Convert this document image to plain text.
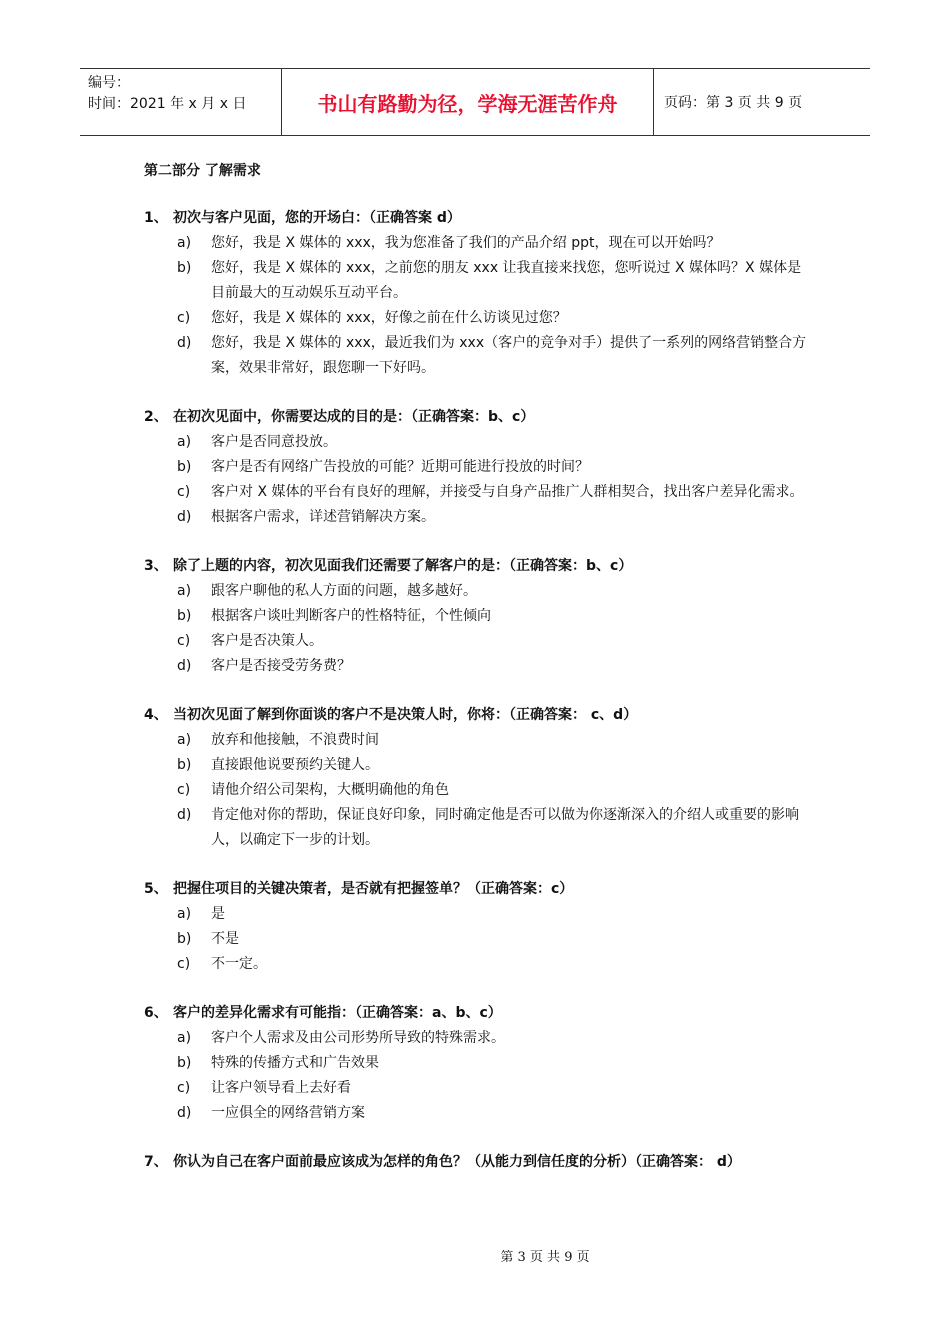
编号：
时间：2021 年 x 月 x 日	书山有路勤为径，学海无涯苦作舟	页码：第 3 页 共 9 页
第二部分 了解需求
1、 初次与客户见面，您的开场白：（正确答案 d）
a)	您好，我是 X 媒体的 xxx，我为您准备了我们的产品介绍 ppt，现在可以开始吗？
b)	您好，我是 X 媒体的 xxx，之前您的朋友 xxx 让我直接来找您，您听说过 X 媒体吗？X 媒体是目前最大的互动娱乐互动平台。
c)	您好，我是 X 媒体的 xxx，好像之前在什么访谈见过您？
d)	您好，我是 X 媒体的 xxx，最近我们为 xxx（客户的竞争对手）提供了一系列的网络营销整合方案，效果非常好，跟您聊一下好吗。
2、 在初次见面中，你需要达成的目的是：（正确答案：b、c）
a)	客户是否同意投放。
b)	客户是否有网络广告投放的可能？近期可能进行投放的时间？
c)	客户对 X 媒体的平台有良好的理解，并接受与自身产品推广人群相契合，找出客户差异化需求。
d)	根据客户需求，详述营销解决方案。
3、 除了上题的内容，初次见面我们还需要了解客户的是：（正确答案：b、c）
a)	跟客户聊他的私人方面的问题，越多越好。
b)	根据客户谈吐判断客户的性格特征，个性倾向
c)	客户是否决策人。
d)	客户是否接受劳务费？
4、 当初次见面了解到你面谈的客户不是决策人时，你将：（正确答案： c、d）
a)	放弃和他接触，不浪费时间
b)	直接跟他说要预约关键人。
c)	请他介绍公司架构，大概明确他的角色
d)	肯定他对你的帮助，保证良好印象，同时确定他是否可以做为你逐渐深入的介绍人或重要的影响人，以确定下一步的计划。
5、 把握住项目的关键决策者，是否就有把握签单？（正确答案：c）
a)	是
b)	不是
c)	不一定。
6、 客户的差异化需求有可能指：（正确答案：a、b、c）
a)	客户个人需求及由公司形势所导致的特殊需求。
b)	特殊的传播方式和广告效果
c)	让客户领导看上去好看
d)	一应俱全的网络营销方案
7、 你认为自己在客户面前最应该成为怎样的角色？（从能力到信任度的分析）（正确答案： d）
第 3 页 共 9 页
